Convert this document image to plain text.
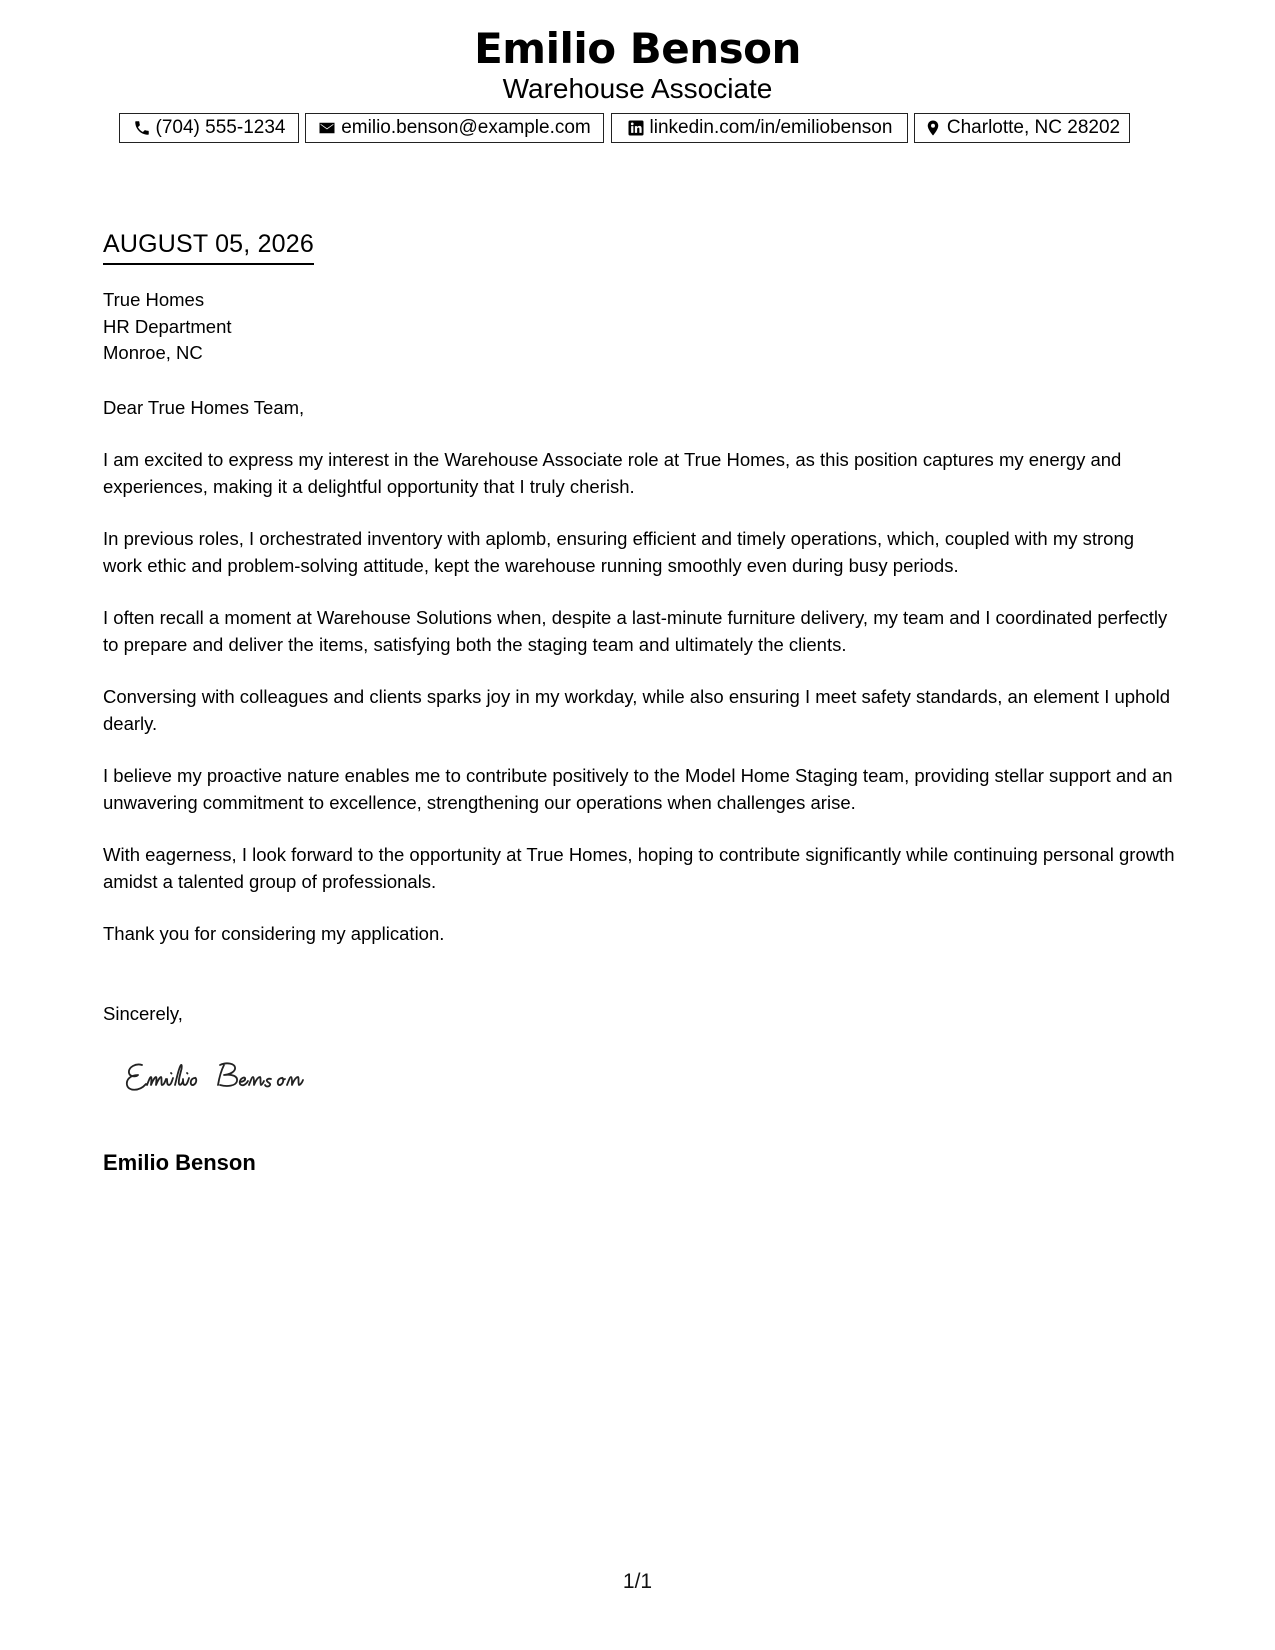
Emilio Benson
Warehouse Associate
(704) 555-1234	emilio.benson@example.com	linkedin.com/in/emiliobenson	Charlotte, NC 28202
AUGUST 05, 2026

True Homes
HR Department
Monroe, NC

Dear True Homes Team,

I am excited to express my interest in the Warehouse Associate role at True Homes, as this position captures my energy and experiences, making it a delightful opportunity that I truly cherish.

In previous roles, I orchestrated inventory with aplomb, ensuring efficient and timely operations, which, coupled with my strong work ethic and problem-solving attitude, kept the warehouse running smoothly even during busy periods.

I often recall a moment at Warehouse Solutions when, despite a last-minute furniture delivery, my team and I coordinated perfectly to prepare and deliver the items, satisfying both the staging team and ultimately the clients.

Conversing with colleagues and clients sparks joy in my workday, while also ensuring I meet safety standards, an element I uphold dearly.

I believe my proactive nature enables me to contribute positively to the Model Home Staging team, providing stellar support and an unwavering commitment to excellence, strengthening our operations when challenges arise.

With eagerness, I look forward to the opportunity at True Homes, hoping to contribute significantly while continuing personal growth amidst a talented group of professionals.

Thank you for considering my application.

Sincerely,

Emilio Benson
1/1
